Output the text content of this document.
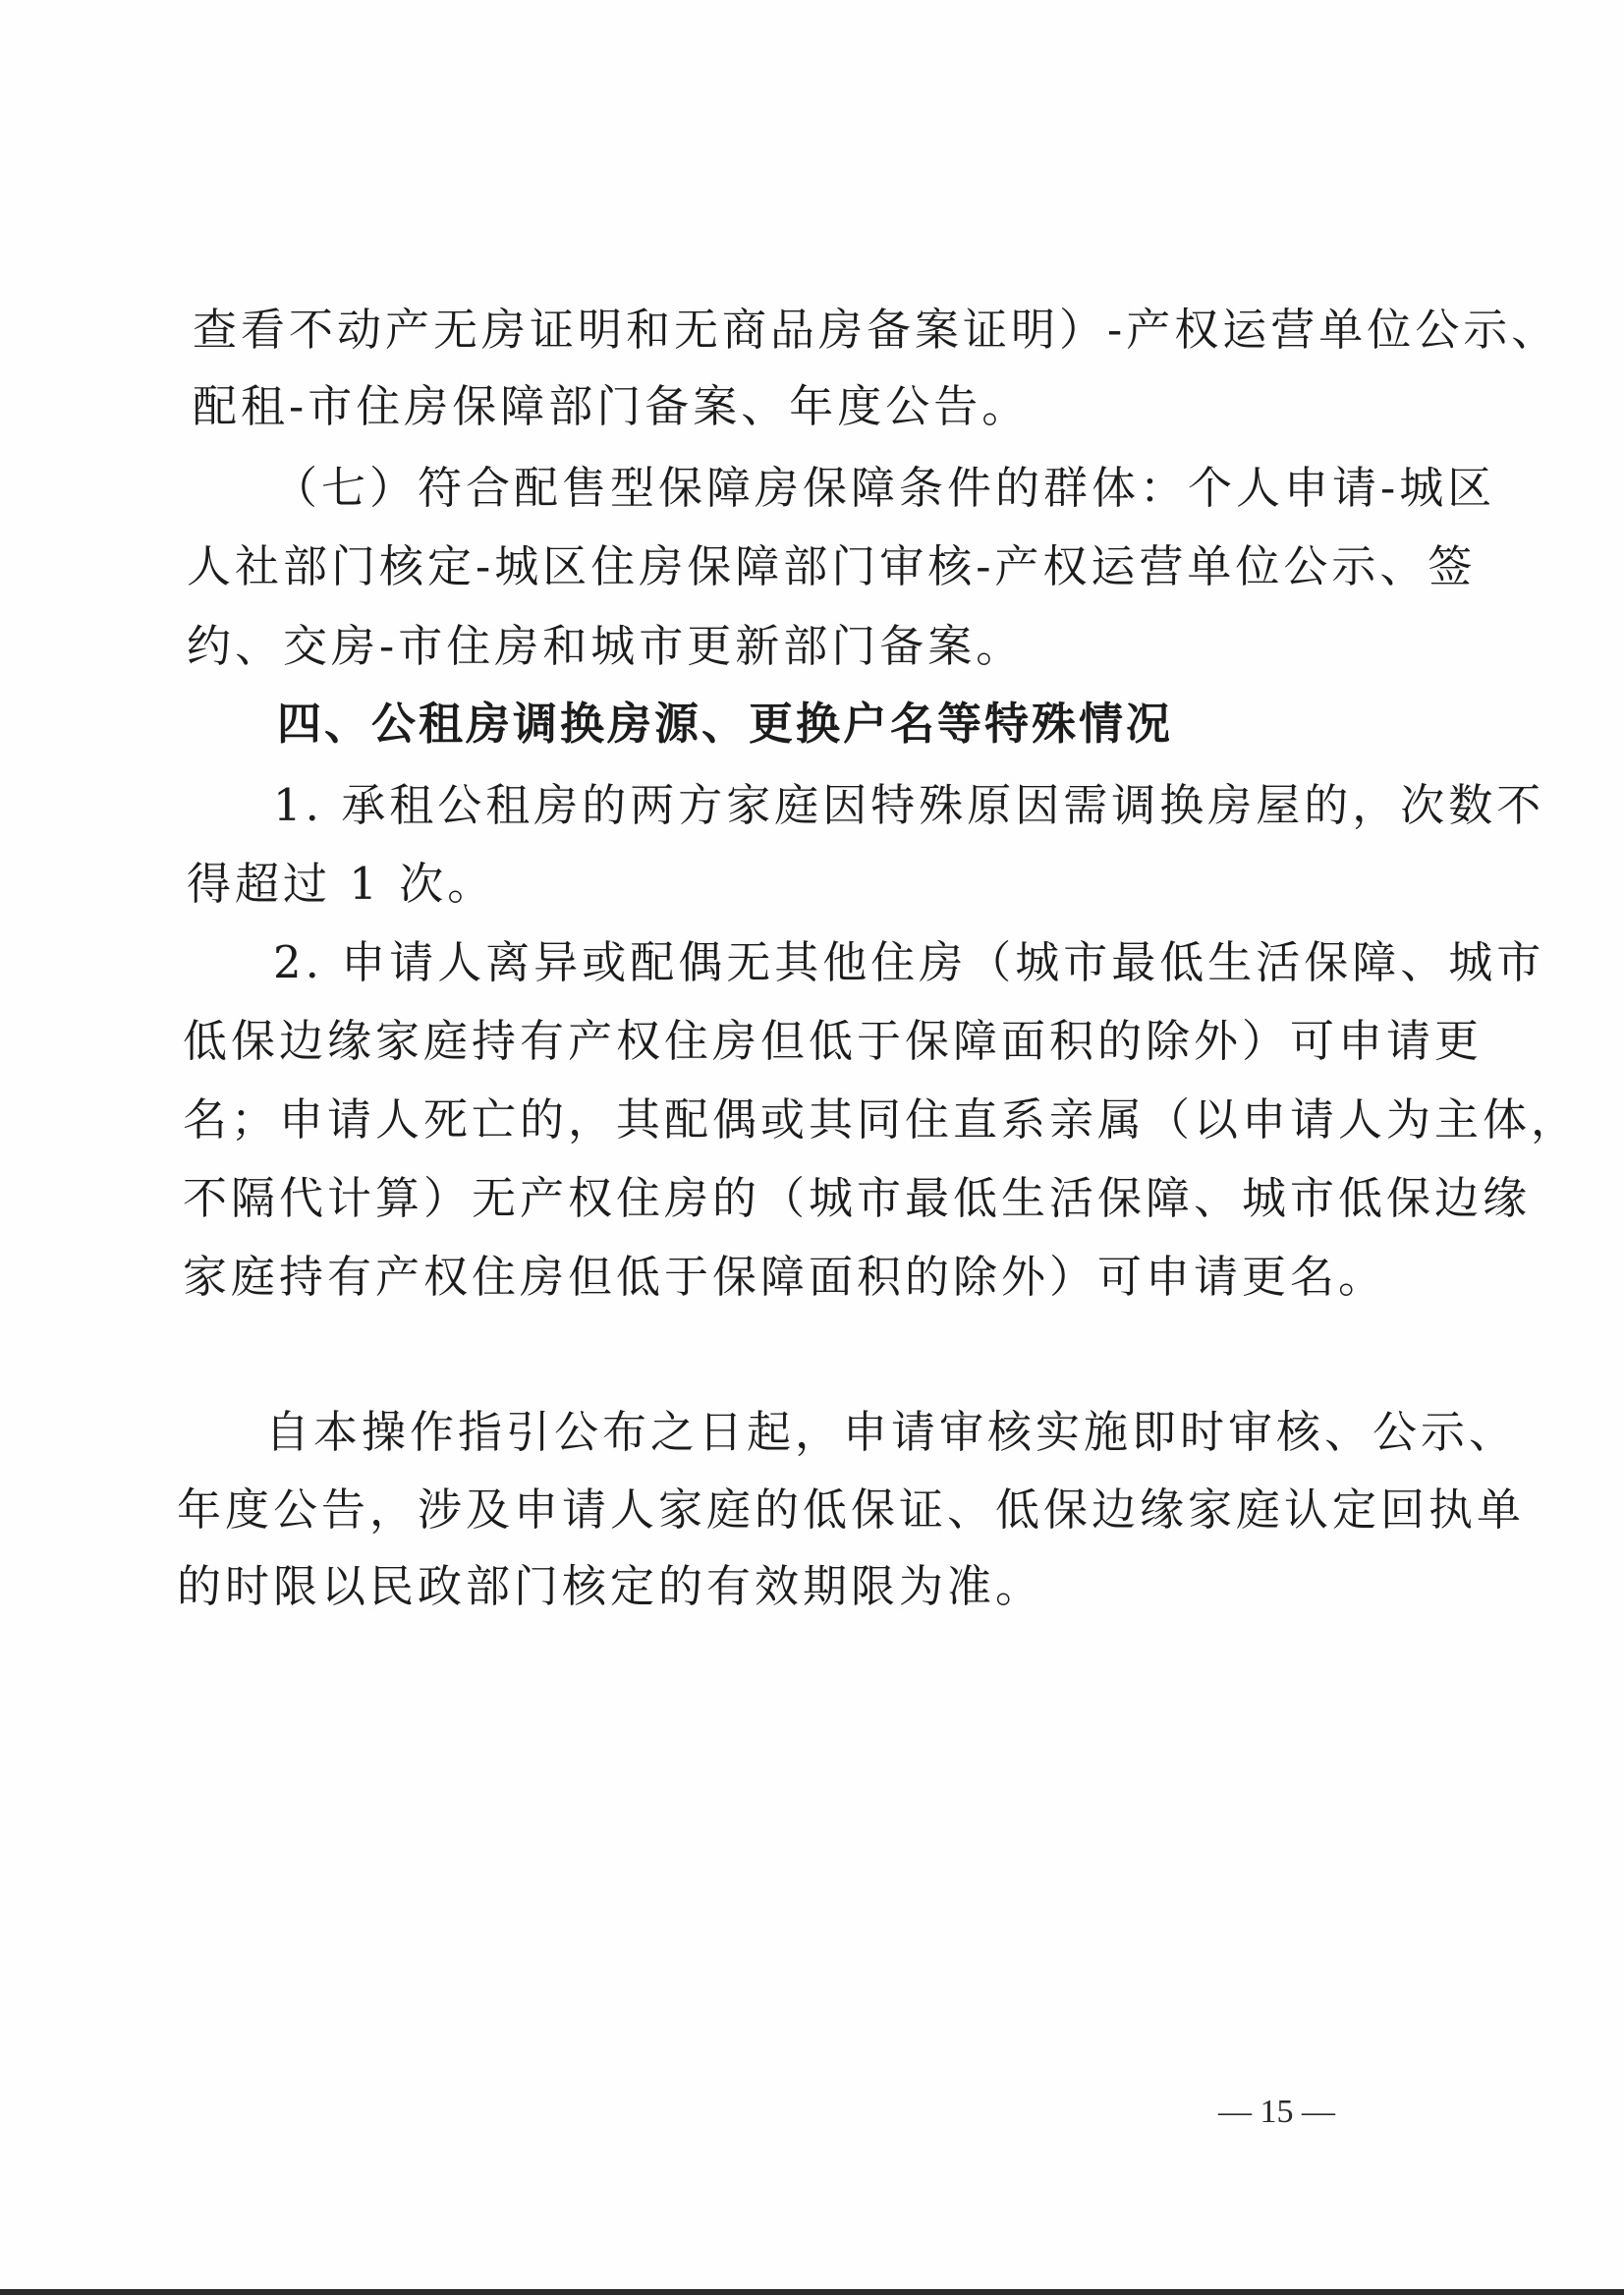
查看不动产无房证明和无商品房备案证明）-产权运营单位公示、
配租-市住房保障部门备案、年度公告。
（七）符合配售型保障房保障条件的群体：个人申请-城区
人社部门核定-城区住房保障部门审核-产权运营单位公示、签
约、交房-市住房和城市更新部门备案。
四、公租房调换房源、更换户名等特殊情况
1. 承租公租房的两方家庭因特殊原因需调换房屋的，次数不
得超过 1 次。
2. 申请人离异或配偶无其他住房（城市最低生活保障、城市
低保边缘家庭持有产权住房但低于保障面积的除外）可申请更
名；申请人死亡的，其配偶或其同住直系亲属（以申请人为主体，
不隔代计算）无产权住房的（城市最低生活保障、城市低保边缘
家庭持有产权住房但低于保障面积的除外）可申请更名。
自本操作指引公布之日起，申请审核实施即时审核、公示、
年度公告，涉及申请人家庭的低保证、低保边缘家庭认定回执单
的时限以民政部门核定的有效期限为准。
— 15 —
